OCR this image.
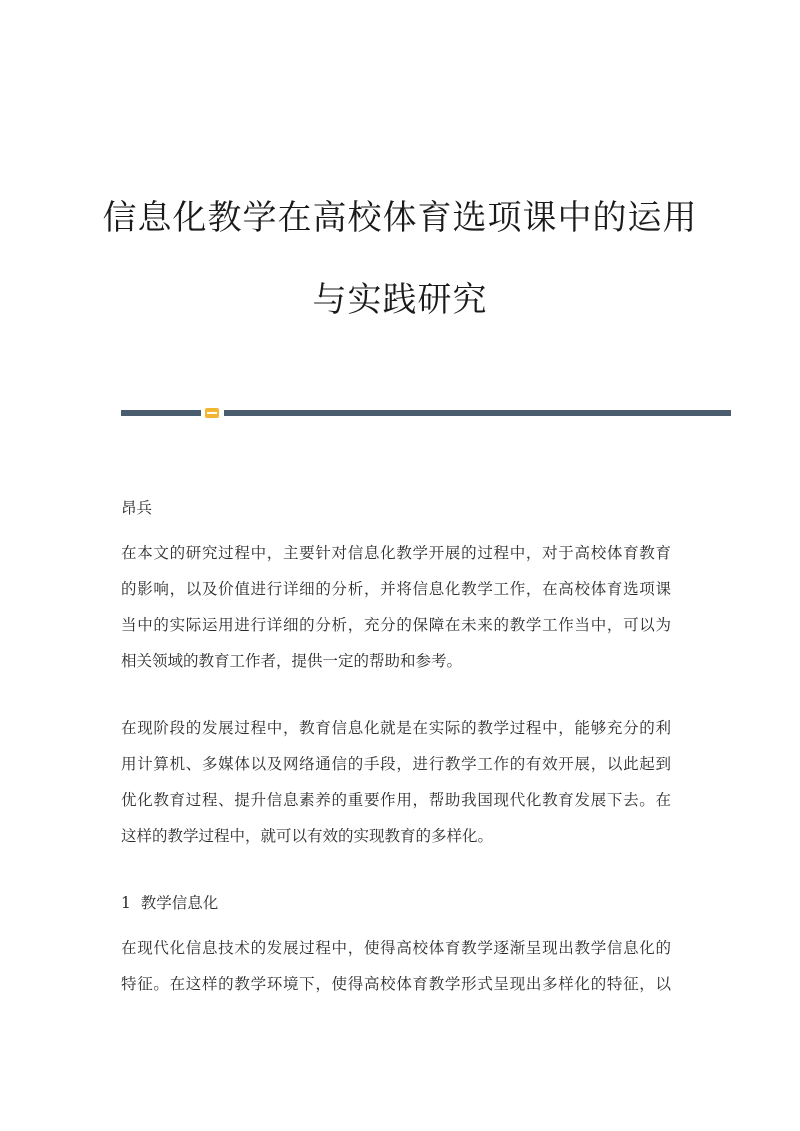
信息化教学在高校体育选项课中的运用
与实践研究
昂兵
在本文的研究过程中，主要针对信息化教学开展的过程中，对于高校体育教育
的影响，以及价值进行详细的分析，并将信息化教学工作，在高校体育选项课
当中的实际运用进行详细的分析，充分的保障在未来的教学工作当中，可以为
相关领域的教育工作者，提供一定的帮助和参考。
在现阶段的发展过程中，教育信息化就是在实际的教学过程中，能够充分的利
用计算机、多媒体以及网络通信的手段，进行教学工作的有效开展，以此起到
优化教育过程、提升信息素养的重要作用，帮助我国现代化教育发展下去。在
这样的教学过程中，就可以有效的实现教育的多样化。
1  教学信息化
在现代化信息技术的发展过程中，使得高校体育教学逐渐呈现出教学信息化的
特征。在这样的教学环境下，使得高校体育教学形式呈现出多样化的特征，以
